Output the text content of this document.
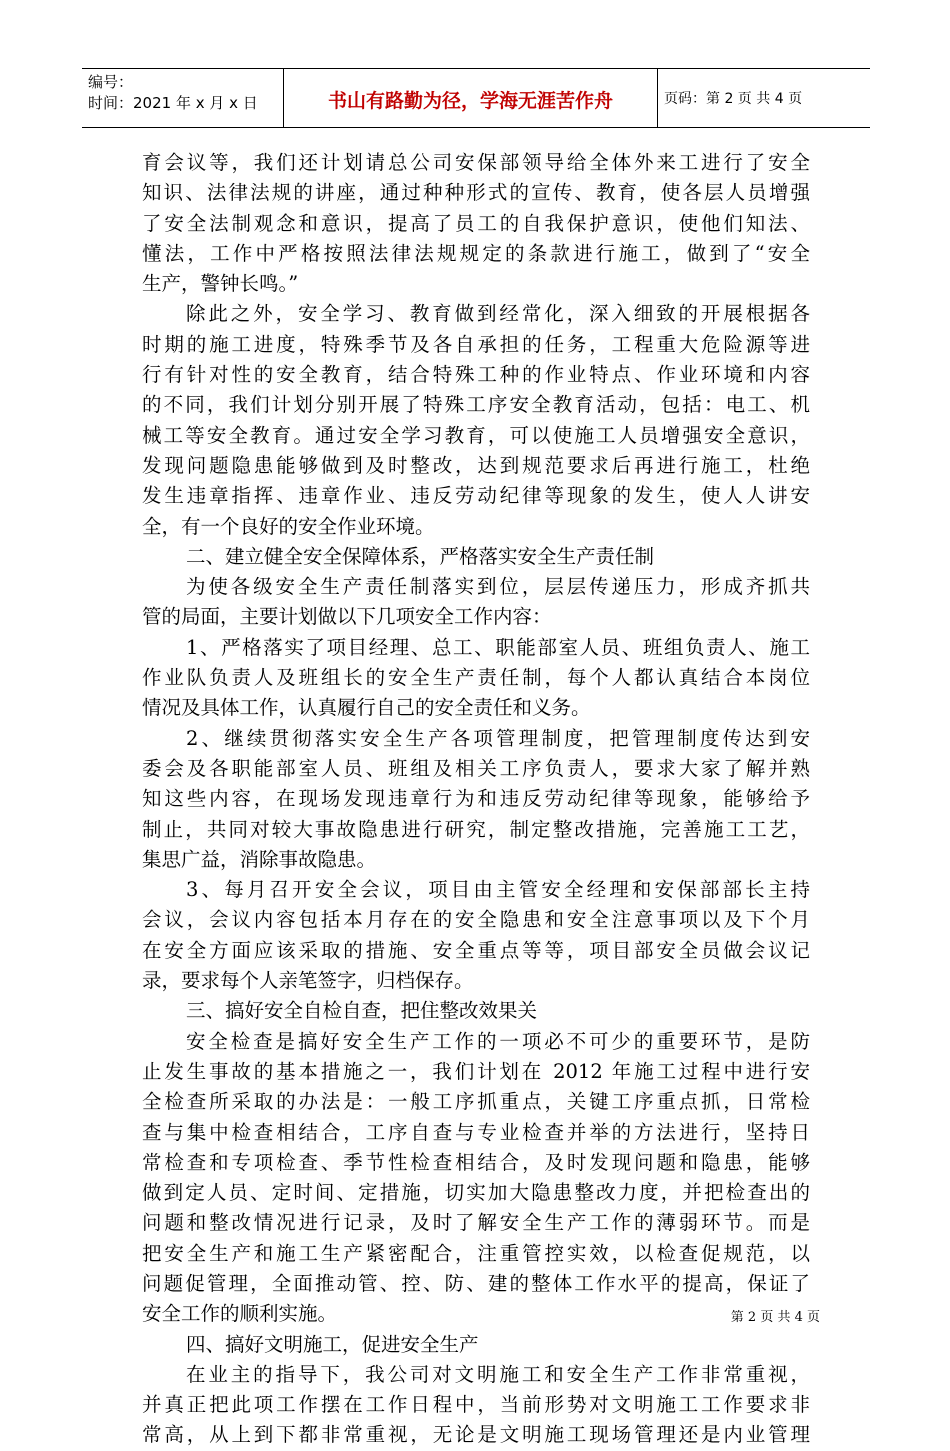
编号：
时间：2021 年 x 月 x 日	书山有路勤为径，学海无涯苦作舟	页码：第 2 页 共 4 页
育会议等，我们还计划请总公司安保部领导给全体外来工进行了安全
知识、法律法规的讲座，通过种种形式的宣传、教育，使各层人员增强
了安全法制观念和意识，提高了员工的自我保护意识，使他们知法、
懂法，工作中严格按照法律法规规定的条款进行施工，做到了“安全
生产，警钟长鸣。”
除此之外，安全学习、教育做到经常化，深入细致的开展根据各
时期的施工进度，特殊季节及各自承担的任务，工程重大危险源等进
行有针对性的安全教育，结合特殊工种的作业特点、作业环境和内容
的不同，我们计划分别开展了特殊工序安全教育活动，包括：电工、机
械工等安全教育。通过安全学习教育，可以使施工人员增强安全意识，
发现问题隐患能够做到及时整改，达到规范要求后再进行施工，杜绝
发生违章指挥、违章作业、违反劳动纪律等现象的发生，使人人讲安
全，有一个良好的安全作业环境。
二、建立健全安全保障体系，严格落实安全生产责任制
为使各级安全生产责任制落实到位，层层传递压力，形成齐抓共
管的局面，主要计划做以下几项安全工作内容：
1、严格落实了项目经理、总工、职能部室人员、班组负责人、施工
作业队负责人及班组长的安全生产责任制，每个人都认真结合本岗位
情况及具体工作，认真履行自己的安全责任和义务。
2、继续贯彻落实安全生产各项管理制度，把管理制度传达到安
委会及各职能部室人员、班组及相关工序负责人，要求大家了解并熟
知这些内容，在现场发现违章行为和违反劳动纪律等现象，能够给予
制止，共同对较大事故隐患进行研究，制定整改措施，完善施工工艺，
集思广益，消除事故隐患。
3、每月召开安全会议，项目由主管安全经理和安保部部长主持
会议，会议内容包括本月存在的安全隐患和安全注意事项以及下个月
在安全方面应该采取的措施、安全重点等等，项目部安全员做会议记
录，要求每个人亲笔签字，归档保存。
三、搞好安全自检自查，把住整改效果关
安全检查是搞好安全生产工作的一项必不可少的重要环节，是防
止发生事故的基本措施之一，我们计划在 2012 年施工过程中进行安
全检查所采取的办法是：一般工序抓重点，关键工序重点抓，日常检
查与集中检查相结合，工序自查与专业检查并举的方法进行，坚持日
常检查和专项检查、季节性检查相结合，及时发现问题和隐患，能够
做到定人员、定时间、定措施，切实加大隐患整改力度，并把检查出的
问题和整改情况进行记录，及时了解安全生产工作的薄弱环节。而是
把安全生产和施工生产紧密配合，注重管控实效，以检查促规范，以
问题促管理，全面推动管、控、防、建的整体工作水平的提高，保证了
安全工作的顺利实施。
四、搞好文明施工，促进安全生产
在业主的指导下，我公司对文明施工和安全生产工作非常重视，
并真正把此项工作摆在工作日程中，当前形势对文明施工工作要求非
常高，从上到下都非常重视，无论是文明施工现场管理还是内业管理
第 2 页 共 4 页
